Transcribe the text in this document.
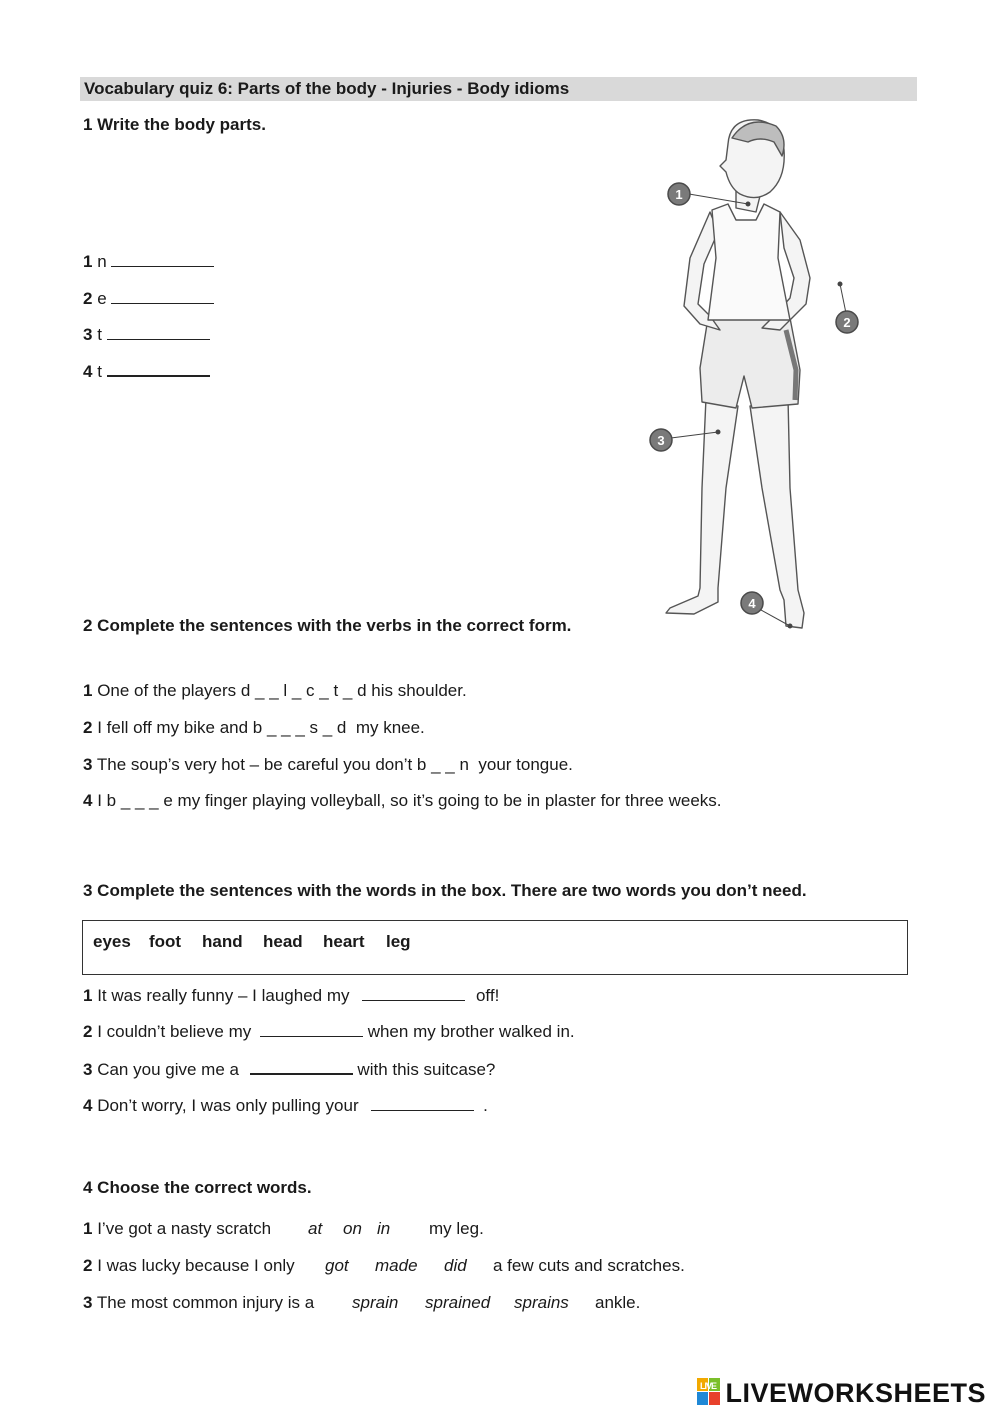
Vocabulary quiz 6: Parts of the body - Injuries - Body idioms
1 Write the body parts.
1 n
2 e
3 t
4 t
1
2
3
4
2 Complete the sentences with the verbs in the correct form.
1 One of the players d _ _ l _ c _ t _ d his shoulder.
2 I fell off my bike and b _ _ _ s _ d  my knee.
3 The soup’s very hot – be careful you don’t b _ _ n  your tongue.
4 I b _ _ _ e my finger playing volleyball, so it’s going to be in plaster for three weeks.
3 Complete the sentences with the words in the box. There are two words you don’t need.
eyes foot hand head heart leg
1 It was really funny – I laughed my	off!
2 I couldn’t believe my	when my brother walked in.
3 Can you give me a	with this suitcase?
4 Don’t worry, I was only pulling your	.
4 Choose the correct words.
1 I’ve got a nasty scratch at on in my leg.
2 I was lucky because I only got made did a few cuts and scratches.
3 The most common injury is a sprain sprained sprains ankle.
LIVE LIVEWORKSHEETS
